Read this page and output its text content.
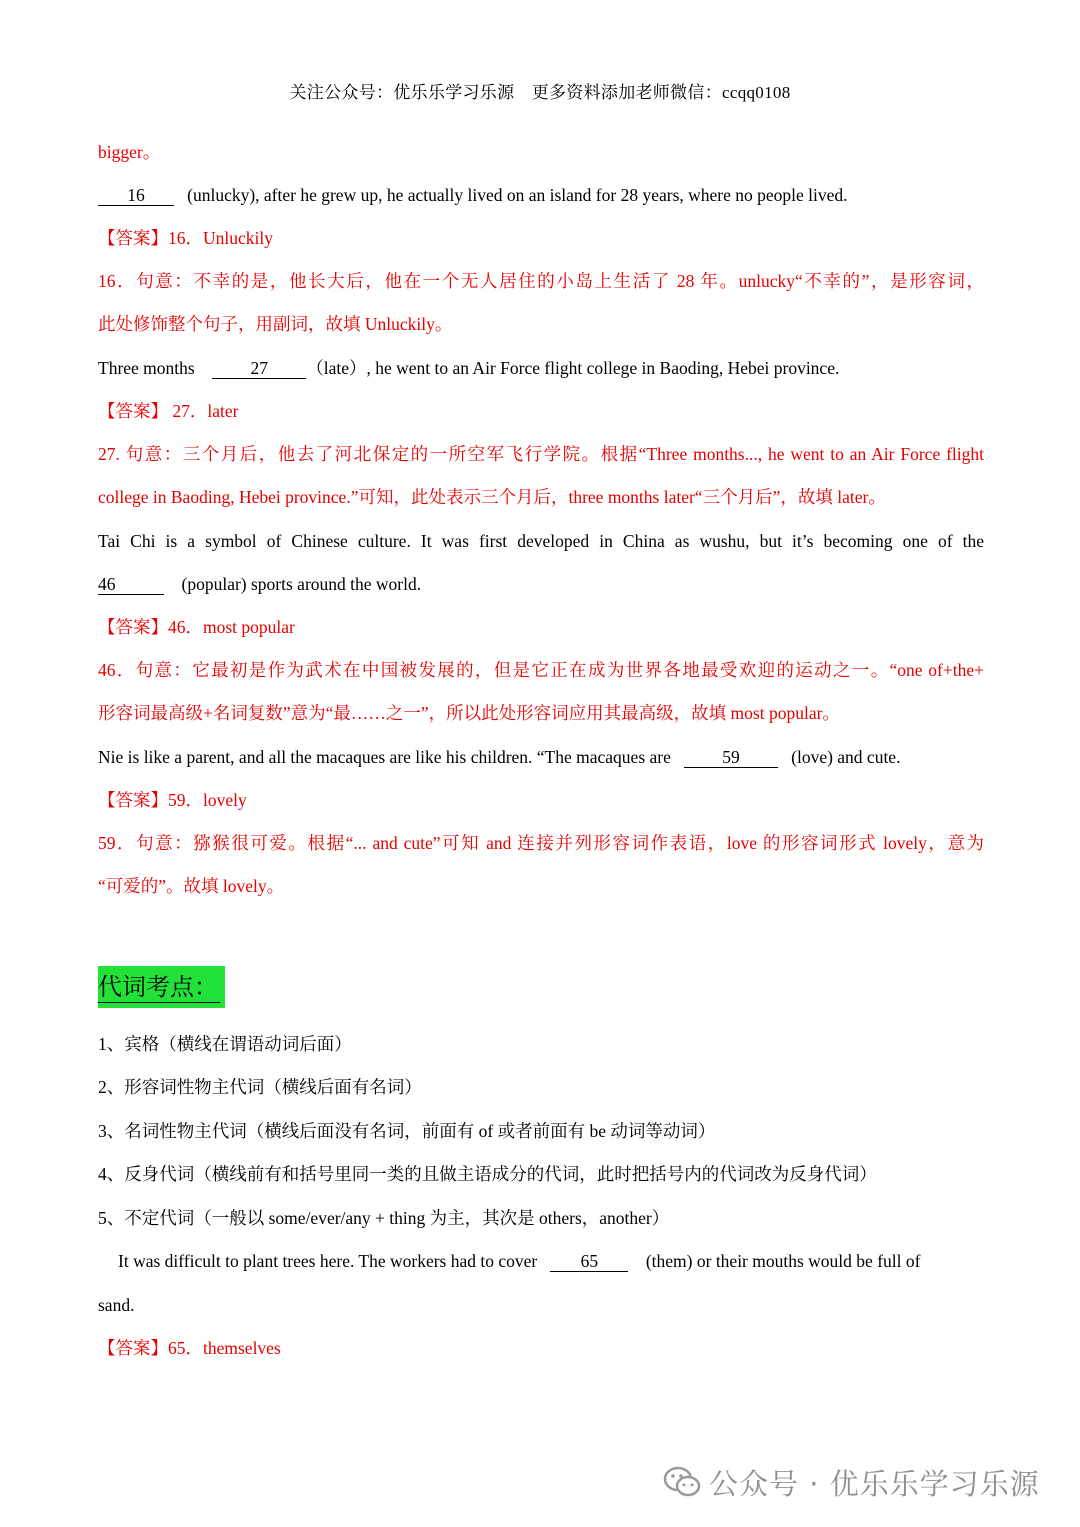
关注公众号：优乐乐学习乐源　更多资料添加老师微信：ccqq0108
bigger。
16 (unlucky), after he grew up, he actually lived on an island for 28 years, where no people lived.
【答案】16．Unluckily
16．句意：不幸的是，他长大后，他在一个无人居住的小岛上生活了 28 年。unlucky“不幸的”，是形容词，
此处修饰整个句子，用副词，故填 Unluckily。
Three months	27 （late）, he went to an Air Force flight college in Baoding, Hebei province.
【答案】 27．later
27. 句意：三个月后，他去了河北保定的一所空军飞行学院。根据“Three months..., he went to an Air Force flight
college in Baoding, Hebei province.”可知，此处表示三个月后，three months later“三个月后”，故填 later。
Tai Chi is a symbol of Chinese culture. It was first developed in China as wushu, but it’s becoming one of the
46	(popular) sports around the world.
【答案】46．most popular
46．句意：它最初是作为武术在中国被发展的，但是它正在成为世界各地最受欢迎的运动之一。“one of+the+
形容词最高级+名词复数”意为“最……之一”，所以此处形容词应用其最高级，故填 most popular。
Nie is like a parent, and all the macaques are like his children. “The macaques are	59	(love) and cute.
【答案】59．lovely
59．句意：猕猴很可爱。根据“... and cute”可知 and 连接并列形容词作表语，love 的形容词形式 lovely，意为
“可爱的”。故填 lovely。
代词考点：
1、宾格（横线在谓语动词后面）
2、形容词性物主代词（横线后面有名词）
3、名词性物主代词（横线后面没有名词，前面有 of 或者前面有 be 动词等动词）
4、反身代词（横线前有和括号里同一类的且做主语成分的代词，此时把括号内的代词改为反身代词）
5、不定代词（一般以 some/ever/any + thing 为主，其次是 others，another）
It was difficult to plant trees here. The workers had to cover 65	(them) or their mouths would be full of
sand.
【答案】65．themselves
公众号 · 优乐乐学习乐源
